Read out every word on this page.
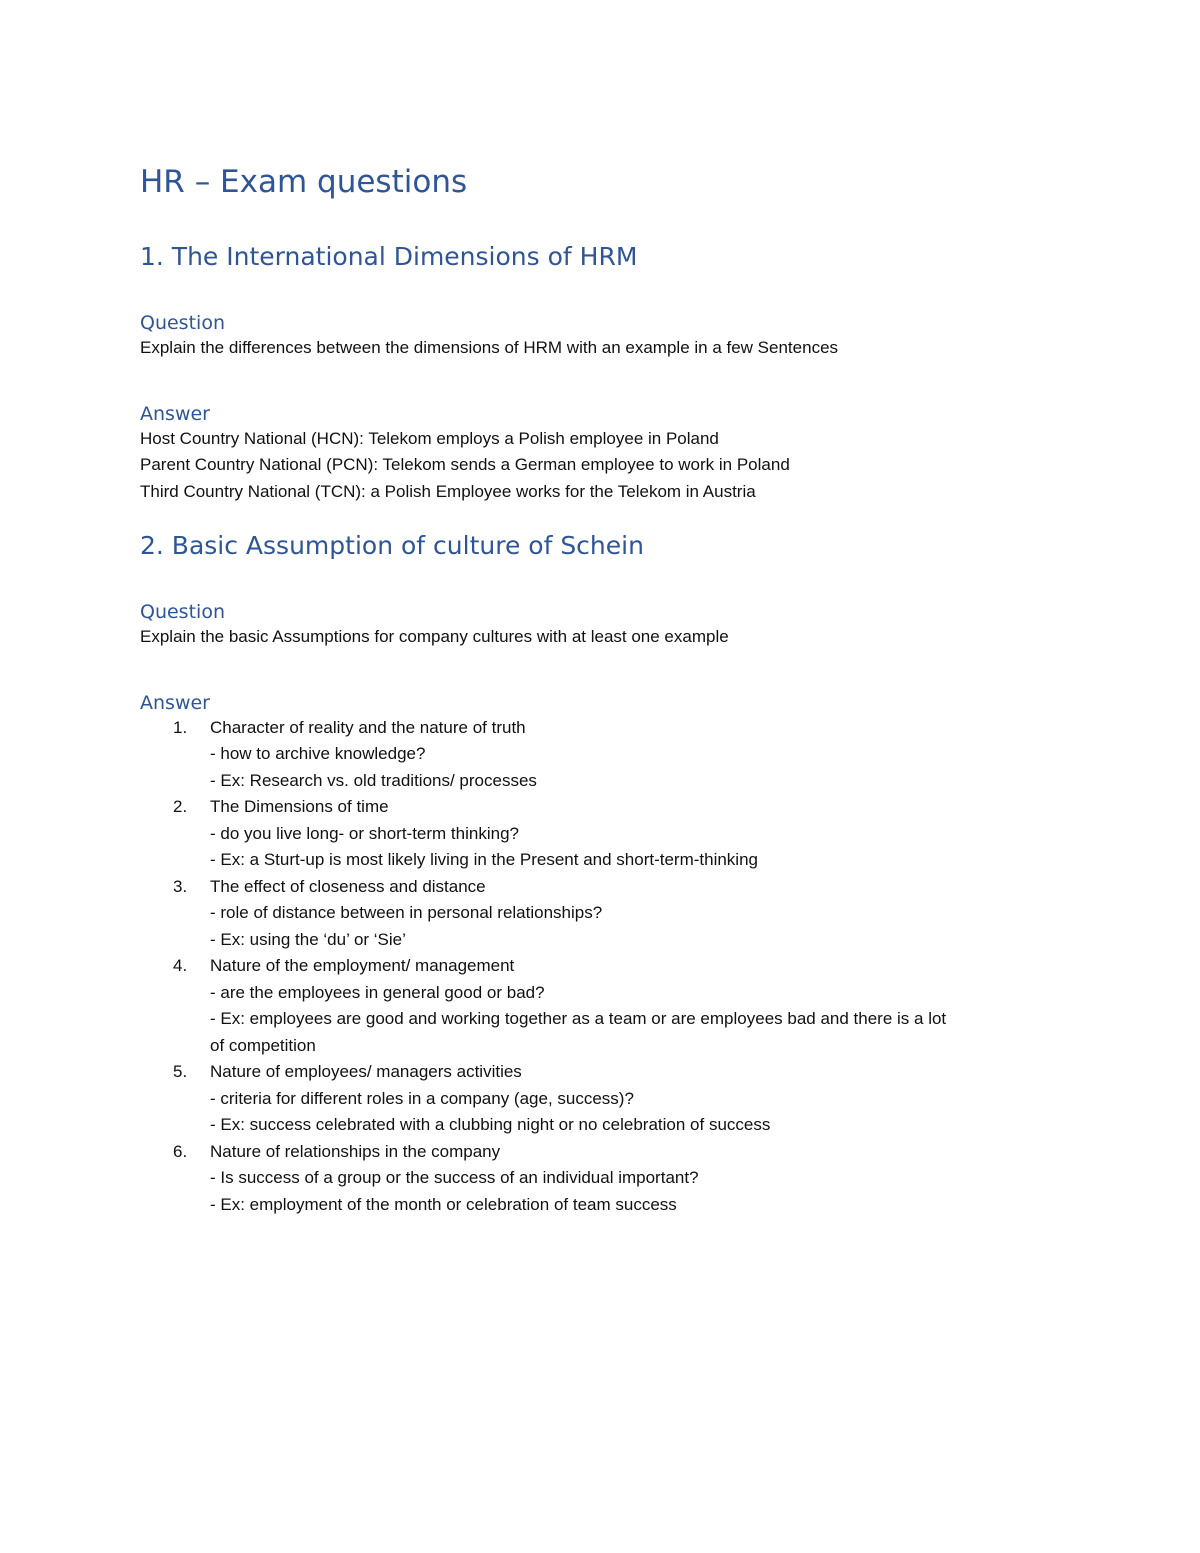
HR – Exam questions
1. The International Dimensions of HRM
Question

Explain the differences between the dimensions of HRM with an example in a few Sentences

Answer

Host Country National (HCN): Telekom employs a Polish employee in Poland

Parent Country National (PCN): Telekom sends a German employee to work in Poland

Third Country National (TCN): a Polish Employee works for the Telekom in Austria

2. Basic Assumption of culture of Schein
Question

Explain the basic Assumptions for company cultures with at least one example

Answer
1.	Character of reality and the nature of truth
- how to archive knowledge?
- Ex: Research vs. old traditions/ processes
2.	The Dimensions of time
- do you live long- or short-term thinking?
- Ex: a Sturt-up is most likely living in the Present and short-term-thinking
3.	The effect of closeness and distance
- role of distance between in personal relationships?
- Ex: using the ‘du’ or ‘Sie’
4.	Nature of the employment/ management
- are the employees in general good or bad?
- Ex: employees are good and working together as a team or are employees bad and there is a lot
of competition
5.	Nature of employees/ managers activities
- criteria for different roles in a company (age, success)?
- Ex: success celebrated with a clubbing night or no celebration of success
6.	Nature of relationships in the company
- Is success of a group or the success of an individual important?
- Ex: employment of the month or celebration of team success
